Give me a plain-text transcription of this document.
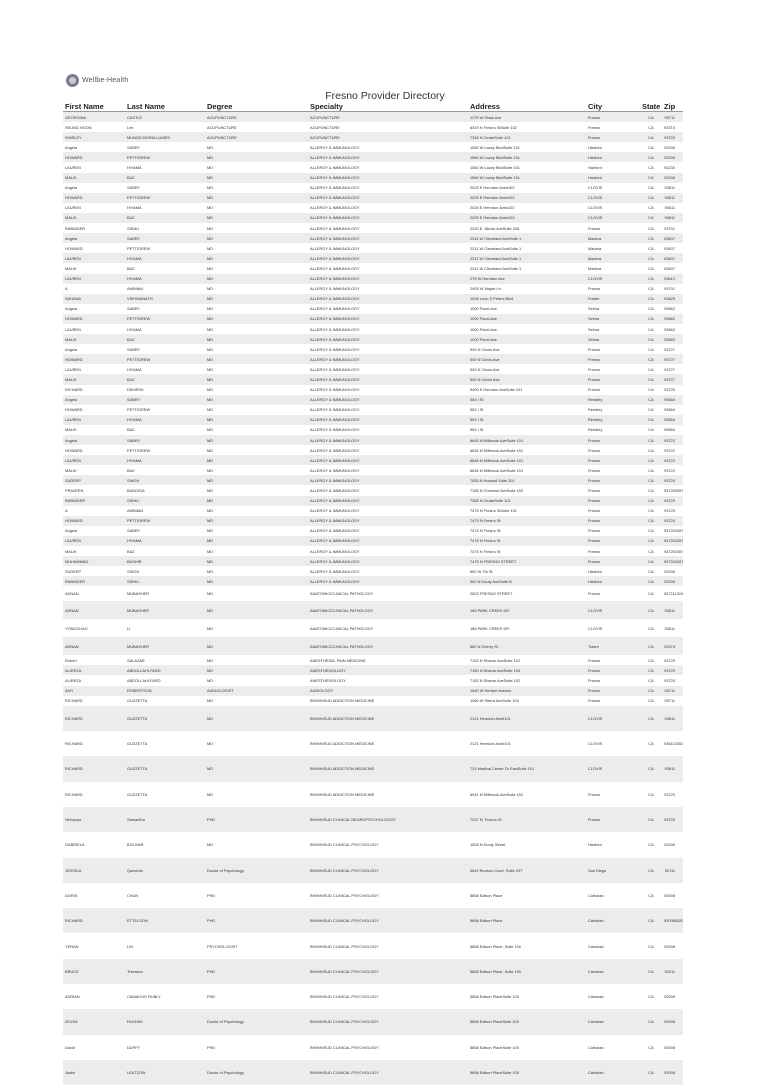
Wellbe-Health
Fresno Provider Directory
First Name	Last Name	Degree	Specialty	Address	City	State	Zip
GEORGINA	CASTLE	ACUPUNCTURE	ACUPUNCTURE	1175 W Shaw Ave	Fresno	CA	93711
SEUNG HOON	Lee	ACUPUNCTURE	ACUPUNCTURE	6319 N Fresno StSuite 102	Fresno	CA	93710
SHIRLEY	MUNOZ-MORALLUMES	ACUPUNCTURE	ACUPUNCTURE	7345 N CedarSuite 101	Fresno	CA	93720
Angela	SABRY	MD	ALLERGY & IMMUNOLOGY	1560 W Lacey BlvdSuite 101	Hanford	CA	93230
HOWARD	PETTIGREW	MD	ALLERGY & IMMUNOLOGY	1560 W Lacey BlvdSuite 101	Hanford	CA	93230
LAUREN	HIYAMA	MD	ALLERGY & IMMUNOLOGY	1560 W Lacey BlvdSuite 101	Hanford	CA	93230
MALIK	BAZ	MD	ALLERGY & IMMUNOLOGY	1560 W Lacey BlvdSuite 101	Hanford	CA	93230
Angela	SABRY	MD	ALLERGY & IMMUNOLOGY	2025 E Herndon Ave#102	CLOVIS	CA	93611
HOWARD	PETTIGREW	MD	ALLERGY & IMMUNOLOGY	2025 E Herndon Ave#102	CLOVIS	CA	93611
LAUREN	HIYAMA	MD	ALLERGY & IMMUNOLOGY	2025 E Herndon Ave#102	CLOVIS	CA	93611
MALIK	BAZ	MD	ALLERGY & IMMUNOLOGY	2025 E Herndon Ave#102	CLOVIS	CA	93611
RABINDER	SIDHU	MD	ALLERGY & IMMUNOLOGY	2220 E. Illinois AveSuite 206	Fresno	CA	93701
Angela	SABRY	MD	ALLERGY & IMMUNOLOGY	2311 W Cleveland AveSuite 1	Madera	CA	93637
HOWARD	PETTIGREW	MD	ALLERGY & IMMUNOLOGY	2311 W Cleveland AveSuite 1	Madera	CA	93637
LAUREN	HIYAMA	MD	ALLERGY & IMMUNOLOGY	2311 W Cleveland AveSuite 1	Madera	CA	93637
MALIK	BAZ	MD	ALLERGY & IMMUNOLOGY	2311 W Cleveland AveSuite 1	Madera	CA	93637
LAUREN	HIYAMA	MD	ALLERGY & IMMUNOLOGY	275 W Herndon Ave	CLOVIS	CA	93612
A	AMINIAN	MD	ALLERGY & IMMUNOLOGY	2905 W Wayte Ln	Fresno	CA	93701
SAHANA	VISHWANATH	MD	ALLERGY & IMMUNOLOGY	1005 Leon S Peters Blvd	Fowler	CA	93625
Angela	SABRY	MD	ALLERGY & IMMUNOLOGY	1000 Floral Ave	Selma	CA	93662
HOWARD	PETTIGREW	MD	ALLERGY & IMMUNOLOGY	1000 Floral Ave	Selma	CA	93662
LAUREN	HIYAMA	MD	ALLERGY & IMMUNOLOGY	1000 Floral Ave	Selma	CA	93662
MALIK	BAZ	MD	ALLERGY & IMMUNOLOGY	1000 Floral Ave	Selma	CA	93662
Angela	SABRY	MD	ALLERGY & IMMUNOLOGY	505 N Clovis Ave	Fresno	CA	93727
HOWARD	PETTIGREW	MD	ALLERGY & IMMUNOLOGY	505 N Clovis Ave	Fresno	CA	93727
LAUREN	HIYAMA	MD	ALLERGY & IMMUNOLOGY	505 N Clovis Ave	Fresno	CA	93727
MALIK	BAZ	MD	ALLERGY & IMMUNOLOGY	505 N Clovis Ave	Fresno	CA	93727
RICHARD	DEMERA	MD	ALLERGY & IMMUNOLOGY	5400 E Herndon AveSuite 101	Fresno	CA	93720
Angela	SABRY	MD	ALLERGY & IMMUNOLOGY	563 I St	Reedley	CA	93654
HOWARD	PETTIGREW	MD	ALLERGY & IMMUNOLOGY	563 I St	Reedley	CA	93654
LAUREN	HIYAMA	MD	ALLERGY & IMMUNOLOGY	563 I St	Reedley	CA	93654
MALIK	BAZ	MD	ALLERGY & IMMUNOLOGY	563 I St	Reedley	CA	93654
Angela	SABRY	MD	ALLERGY & IMMUNOLOGY	6645 N Millbrook AveSuite 101	Fresno	CA	93722
HOWARD	PETTIGREW	MD	ALLERGY & IMMUNOLOGY	6645 N Millbrook AveSuite 101	Fresno	CA	93722
LAUREN	HIYAMA	MD	ALLERGY & IMMUNOLOGY	6645 N Millbrook AveSuite 101	Fresno	CA	93722
MALIK	BAZ	MD	ALLERGY & IMMUNOLOGY	6645 N Millbrook AveSuite 101	Fresno	CA	93722
SUDEEP	SINGH	MD	ALLERGY & IMMUNOLOGY	7053 N Howard Suite 201	Fresno	CA	93720
PRAVEEN	BUDDIGA	MD	ALLERGY & IMMUNOLOGY	7185 N Chestnut AveSuite 103	Fresno	CA	937209357
RABINDER	SIDHU	MD	ALLERGY & IMMUNOLOGY	7355 N CedarSuite 101	Fresno	CA	93720
A	AMINIAN	MD	ALLERGY & IMMUNOLOGY	7375 N Fresno StSuite 101	Fresno	CA	93720
HOWARD	PETTIGREW	MD	ALLERGY & IMMUNOLOGY	7475 N Fresno St	Fresno	CA	93720
Angela	SABRY	MD	ALLERGY & IMMUNOLOGY	7475 N Fresno St	Fresno	CA	937202457
LAUREN	HIYAMA	MD	ALLERGY & IMMUNOLOGY	7475 N Fresno St	Fresno	CA	937202457
MALIK	BAZ	MD	ALLERGY & IMMUNOLOGY	7475 N Fresno St	Fresno	CA	937202457
MUHAMMAD	BASHIR	MD	ALLERGY & IMMUNOLOGY	7475 N FRESNO STREET	Fresno	CA	937202457
SUDEEP	SINGH	MD	ALLERGY & IMMUNOLOGY	860 W 7th St	Hanford	CA	93230
RABINDER	SIDHU	MD	ALLERGY & IMMUNOLOGY	900 N Douty AveSuite B	Hanford	CA	93230
ADNAN	MUBASHER	MD	ANATOMIC/CLINICAL PATHOLOGY	2823 FRESNO STREET	Fresno	CA	937211324
ADNAN	MUBASHER	MD	ANATOMIC/CLINICAL PATHOLOGY	185 PARK CREEK DR	CLOVIS	CA	93611
YONGCHAO	LI	MD	ANATOMIC/CLINICAL PATHOLOGY	185 PARK CREEK DR	CLOVIS	CA	93611
ADNAN	MUBASHER	MD	ANATOMIC/CLINICAL PATHOLOGY	860 N Cherry St	Tulare	CA	93274
Robert	SALAZAR	MD	ANESTHESIA, PAIN MEDICINE	7152 N Sharon AveSuite 102	Fresno	CA	93720
ALIREZA	ABDOLLAHI-FARD	MD	ANESTHESIOLOGY	7150 N Sharon AveSuite 100	Fresno	CA	93720
ALIREZA	ABDOLLAHI-FARD	MD	ANESTHESIOLOGY	7152 N Sharon AveSuite 102	Fresno	CA	93720
AMY	ROBERTSON	AUDIOLOGIST	AUDIOLOGY	1640 W Herbert Avenue	Fresno	CA	93711
RICHARD	GUZZETTA	MD	BH/MH/SUD ADDICTION MEDICINE	1060 W Sierra AveSuite 104	Fresno	CA	93711
RICHARD	GUZZETTA	MD	BH/MH/SUD ADDICTION MEDICINE	2121 Herndon Ave#101	CLOVIS	CA	93611
RICHARD	GUZZETTA	MD	BH/MH/SUD ADDICTION MEDICINE	2121 Herndon Ave#101	CLOVIS	CA	936113302
RICHARD	GUZZETTA	MD	BH/MH/SUD ADDICTION MEDICINE	724 Medical Center Dr EastSuite 101	CLOVIS	CA	93611
RICHARD	GUZZETTA	MD	BH/MH/SUD ADDICTION MEDICINE	8941 N Millbrook AveSuite 102	Fresno	CA	93720
Vibhavya	Samantha	PHD	BH/MH/SUD CLINICAL NEUROPSYCHOLOGIST	7257 N. Fresno St.	Fresno	CA	93720
GABRIELA	BOLIVAR	MD	BH/MH/SUD CLINICAL PSYCHOLOGY	1505 N Douty Street	Hanford	CA	93230
JESSICA	Quevedo	Doctor of Psychology	BH/MH/SUD CLINICAL PSYCHOLOGY	4849 Ronson Court, Suite 207	San Diego	CA	92111
DORIS	CHUN	PHD	BH/MH/SUD CLINICAL PSYCHOLOGY	5858 Edison Place	Carlsbad	CA	92008
RICHARD	ETTELSON	PHD	BH/MH/SUD CLINICAL PSYCHOLOGY	5858 Edison Place	Carlsbad	CA	920085520
YERAN	LIN	PSYCHOLOGIST	BH/MH/SUD CLINICAL PSYCHOLOGY	5858 Edison Place, Suite 100	Carlsbad	CA	92008
BRUCE	Thiessen	PHD	BH/MH/SUD CLINICAL PSYCHOLOGY	5858 Edison Place, Suite 100	Carlsbad	CA	92011
ADRIAN	CAMACHO RUBLY	PHD	BH/MH/SUD CLINICAL PSYCHOLOGY	5858 Edison PlaceSuite 100	Carlsbad	CA	92008
ATUSA	FAGHIHI	Doctor of Psychology	BH/MH/SUD CLINICAL PSYCHOLOGY	5858 Edison PlaceSuite 100	Carlsbad	CA	92008
David	DUFFY	PHD	BH/MH/SUD CLINICAL PSYCHOLOGY	5858 Edison PlaceSuite 100	Carlsbad	CA	92008
Justin	LEATZOW	Doctor of Psychology	BH/MH/SUD CLINICAL PSYCHOLOGY	5858 Edison PlaceSuite 100	Carlsbad	CA	92008
